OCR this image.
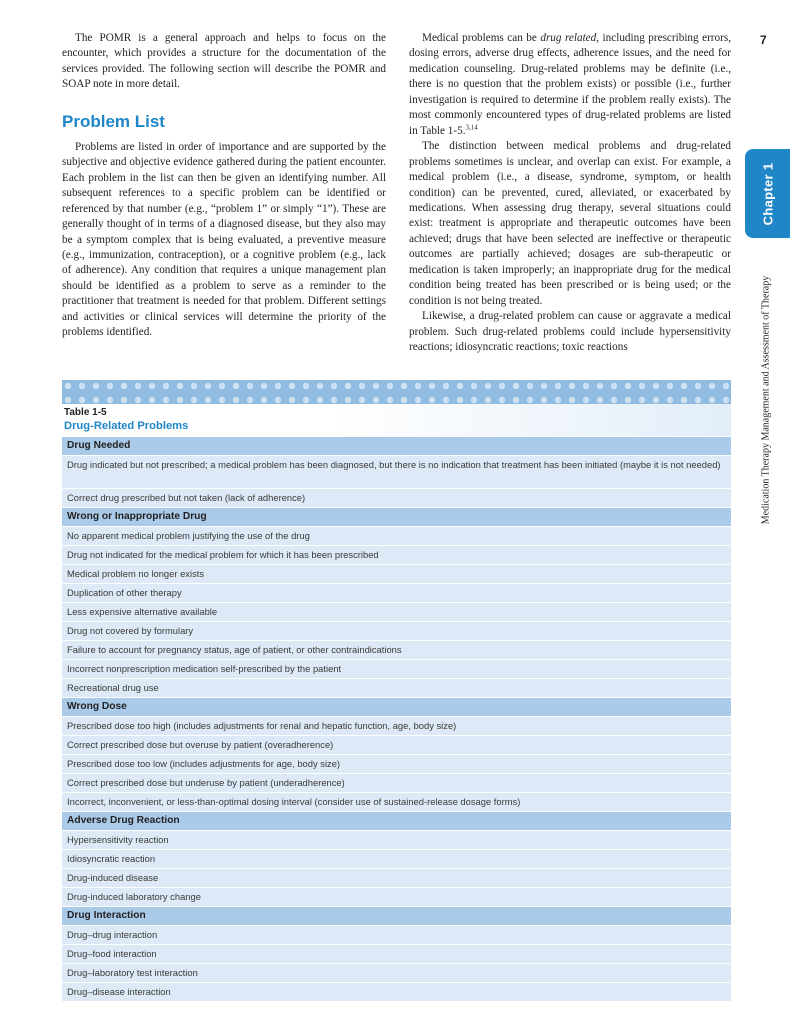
7
Chapter 1
Medication Therapy Management and Assessment of Therapy

The POMR is a general approach and helps to focus on the encounter, which provides a structure for the documentation of the services provided. The following section will describe the POMR and SOAP note in more detail.

Problem List

Problems are listed in order of importance and are supported by the subjective and objective evidence gathered during the patient encounter. Each problem in the list can then be given an identifying number. All subsequent references to a specific problem can be identified or referenced by that number (e.g., “problem 1” or simply “1”). These are generally thought of in terms of a diagnosed disease, but they also may be a symptom complex that is being evaluated, a preventive measure (e.g., immunization, contraception), or a cognitive problem (e.g., lack of adherence). Any condition that requires a unique management plan should be identified as a problem to serve as a reminder to the practitioner that treatment is needed for that problem. Different settings and activities or clinical services will determine the priority of the problems identified.

Medical problems can be drug related, including prescribing errors, dosing errors, adverse drug effects, adherence issues, and the need for medication counseling. Drug-related problems may be definite (i.e., there is no question that the problem exists) or possible (i.e., further investigation is required to determine if the problem really exists). The most commonly encountered types of drug-related problems are listed in Table 1-5.$^{3,14}$

The distinction between medical problems and drug-related problems sometimes is unclear, and overlap can exist. For example, a medical problem (i.e., a disease, syndrome, symptom, or health condition) can be prevented, cured, alleviated, or exacerbated by medications. When assessing drug therapy, several situations could exist: treatment is appropriate and therapeutic outcomes have been achieved; drugs that have been selected are ineffective or therapeutic outcomes are partially achieved; dosages are sub-therapeutic or medication is taken improperly; an inappropriate drug for the medical condition being treated has been prescribed or is being used; or the condition is not being treated.

Likewise, a drug-related problem can cause or aggravate a medical problem. Such drug-related problems could include hypersensitivity reactions; idiosyncratic reactions; toxic reactions

Table 1-5
Drug-Related Problems
Drug Needed
Drug indicated but not prescribed; a medical problem has been diagnosed, but there is no indication that treatment has been initiated (maybe it is not needed)
Correct drug prescribed but not taken (lack of adherence)
Wrong or Inappropriate Drug
No apparent medical problem justifying the use of the drug
Drug not indicated for the medical problem for which it has been prescribed
Medical problem no longer exists
Duplication of other therapy
Less expensive alternative available
Drug not covered by formulary
Failure to account for pregnancy status, age of patient, or other contraindications
Incorrect nonprescription medication self-prescribed by the patient
Recreational drug use
Wrong Dose
Prescribed dose too high (includes adjustments for renal and hepatic function, age, body size)
Correct prescribed dose but overuse by patient (overadherence)
Prescribed dose too low (includes adjustments for age, body size)
Correct prescribed dose but underuse by patient (underadherence)
Incorrect, inconvenient, or less-than-optimal dosing interval (consider use of sustained-release dosage forms)
Adverse Drug Reaction
Hypersensitivity reaction
Idiosyncratic reaction
Drug-induced disease
Drug-induced laboratory change
Drug Interaction
Drug–drug interaction
Drug–food interaction
Drug–laboratory test interaction
Drug–disease interaction
